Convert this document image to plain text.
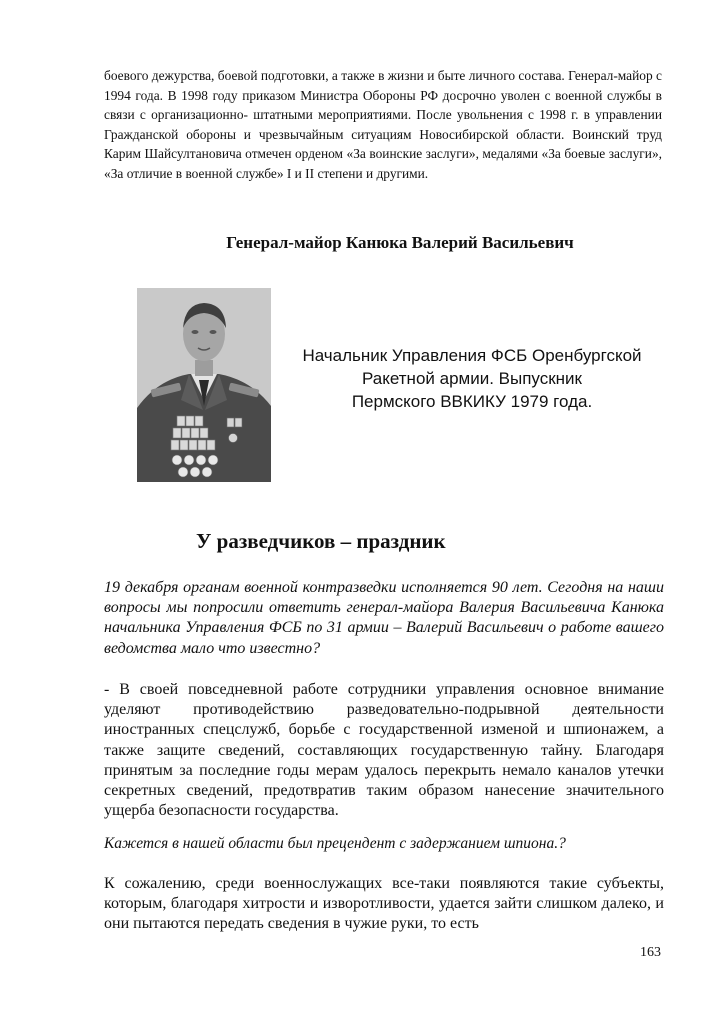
боевого дежурства, боевой подготовки, а также в жизни и быте личного состава. Генерал-майор с 1994 года. В 1998 году приказом Министра Обороны РФ досрочно уволен с военной службы в связи с организационно- штатными мероприятиями. После увольнения с 1998 г. в управлении Гражданской обороны и чрезвычайным ситуациям Новосибирской области. Воинский труд Карим Шайсултановича отмечен орденом «За воинские заслуги», медалями «За боевые заслуги», «За отличие в военной службе» I и II степени и другими.

Генерал-майор Канюка Валерий Васильевич

Начальник Управления ФСБ Оренбургской
Ракетной армии. Выпускник
Пермского ВВКИКУ 1979 года.

У разведчиков – праздник

19 декабря органам военной контразведки исполняется 90 лет. Сегодня на наши вопросы мы попросили ответить генерал-майора Валерия Васильевича Канюка начальника Управления ФСБ по 31 армии – Валерий Васильевич о работе вашего ведомства мало что известно?

- В своей повседневной работе сотрудники управления основное внимание уделяют противодействию разведовательно-подрывной деятельности иностранных спецслужб, борьбе с государственной изменой и шпионажем, а также защите сведений, составляющих государственную тайну. Благодаря принятым за последние годы мерам удалось перекрыть немало каналов утечки секретных сведений, предотвратив таким образом нанесение значительного ущерба безопасности государства.

Кажется в нашей области был прецендент с задержанием шпиона.?

К сожалению, среди военнослужащих все-таки появляются такие субъекты, которым, благодаря хитрости и изворотливости, удается зайти слишком далеко, и они пытаются передать сведения в чужие руки, то есть

163
